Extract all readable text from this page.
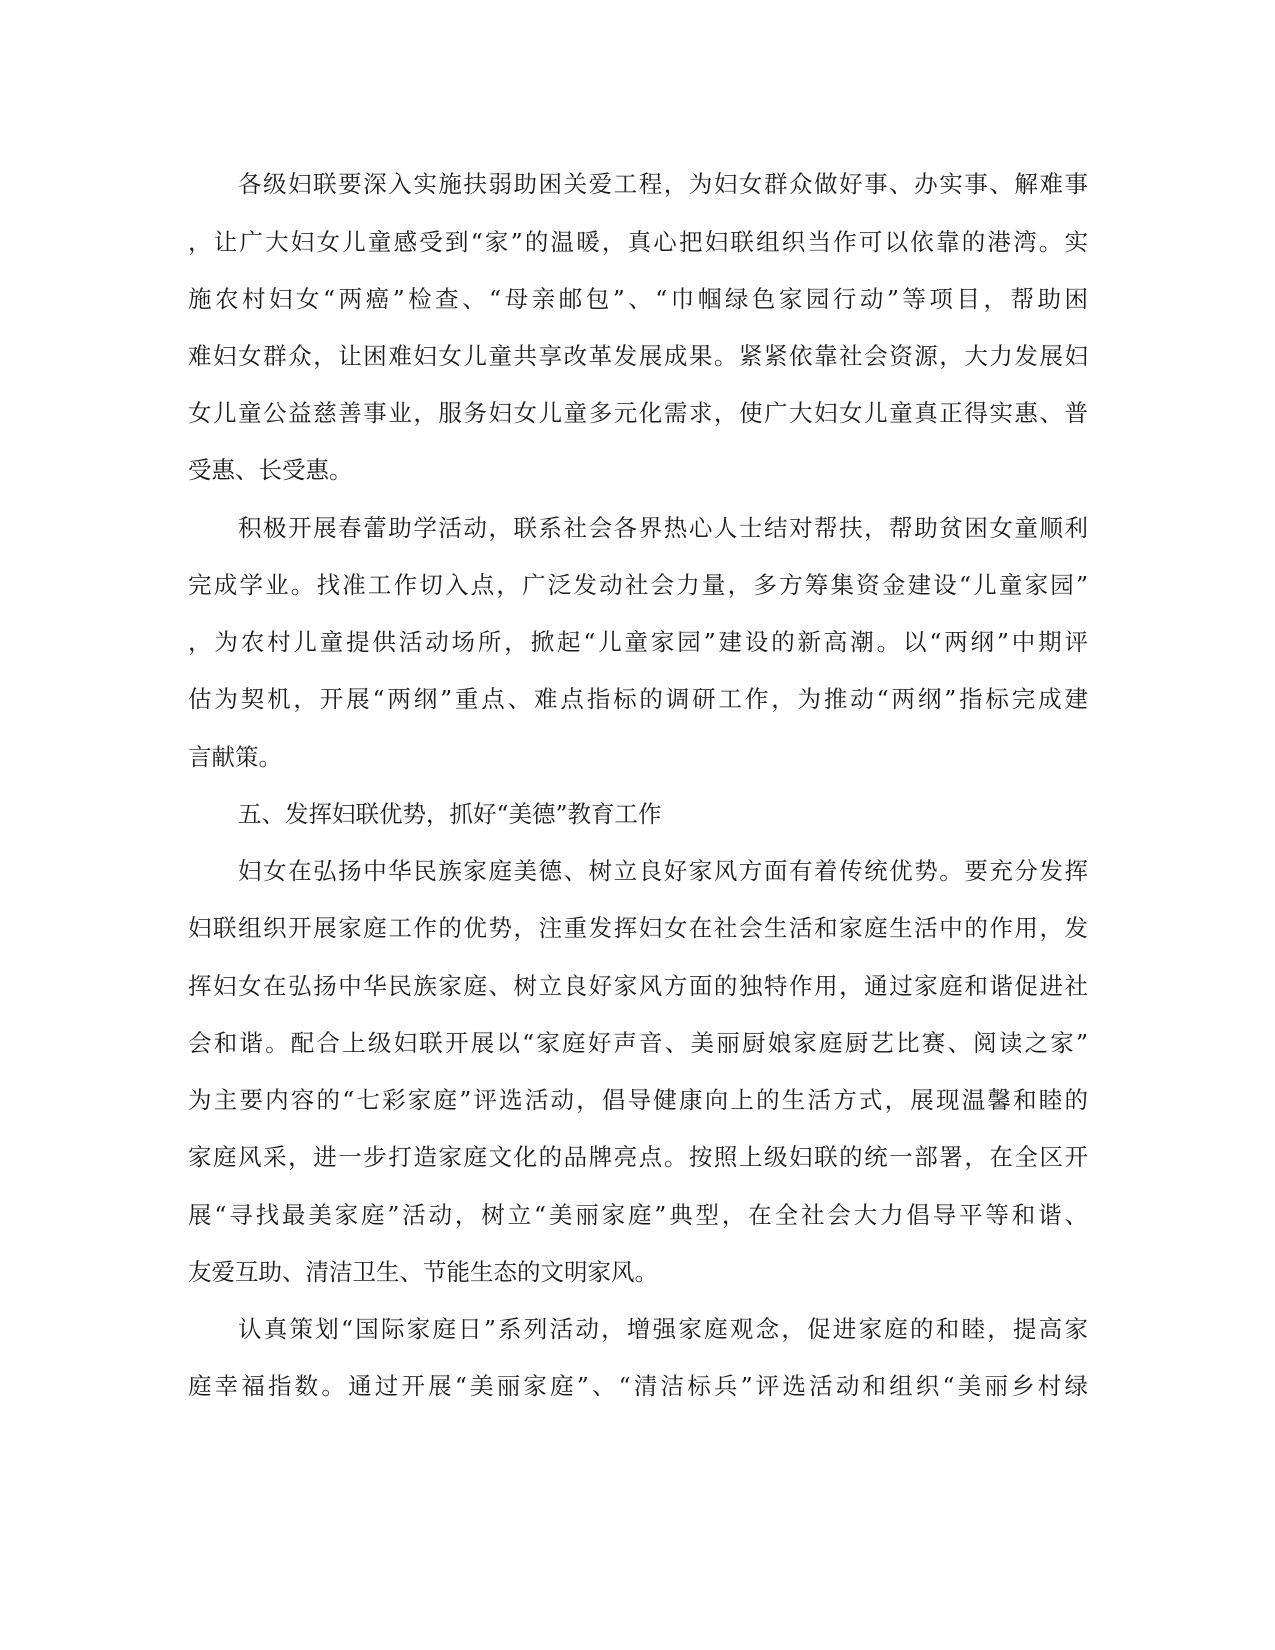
各级妇联要深入实施扶弱助困关爱工程，为妇女群众做好事、办实事、解难事
，让广大妇女儿童感受到“家”的温暖，真心把妇联组织当作可以依靠的港湾。实
施农村妇女“两癌”检查、“母亲邮包”、“巾帼绿色家园行动”等项目，帮助困
难妇女群众，让困难妇女儿童共享改革发展成果。紧紧依靠社会资源，大力发展妇
女儿童公益慈善事业，服务妇女儿童多元化需求，使广大妇女儿童真正得实惠、普
受惠、长受惠。
积极开展春蕾助学活动，联系社会各界热心人士结对帮扶，帮助贫困女童顺利
完成学业。找准工作切入点，广泛发动社会力量，多方筹集资金建设“儿童家园”
，为农村儿童提供活动场所，掀起“儿童家园”建设的新高潮。以“两纲”中期评
估为契机，开展“两纲”重点、难点指标的调研工作，为推动“两纲”指标完成建
言献策。
五、发挥妇联优势，抓好“美德”教育工作
妇女在弘扬中华民族家庭美德、树立良好家风方面有着传统优势。要充分发挥
妇联组织开展家庭工作的优势，注重发挥妇女在社会生活和家庭生活中的作用，发
挥妇女在弘扬中华民族家庭、树立良好家风方面的独特作用，通过家庭和谐促进社
会和谐。配合上级妇联开展以“家庭好声音、美丽厨娘家庭厨艺比赛、阅读之家”
为主要内容的“七彩家庭”评选活动，倡导健康向上的生活方式，展现温馨和睦的
家庭风采，进一步打造家庭文化的品牌亮点。按照上级妇联的统一部署，在全区开
展“寻找最美家庭”活动，树立“美丽家庭”典型，在全社会大力倡导平等和谐、
友爱互助、清洁卫生、节能生态的文明家风。
认真策划“国际家庭日”系列活动，增强家庭观念，促进家庭的和睦，提高家
庭幸福指数。通过开展“美丽家庭”、“清洁标兵”评选活动和组织“美丽乡村绿
